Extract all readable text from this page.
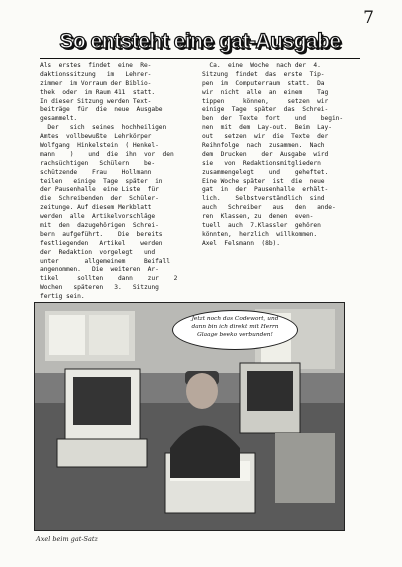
7
So entsteht eine gat-Ausgabe
Als  erstes  findet  eine  Re-
daktionssitzung   im   Lehrer-
zimmer  im Vorraum der Biblio-
thek  oder  im Raum 411  statt.
In dieser Sitzung werden Text-
beiträge  für  die  neue  Ausgabe
gesammelt.
Der   sich  seines  hochheiligen
Amtes  vollbewußte  Lehrkörper
Wolfgang  Hinkelstein  ( Henkel-
mann    )    und  die  ihn  vor  den
rachsüchtigen   Schülern    be-
schützende    Frau    Hollmann
teilen   einige  Tage  später  in
der Pausenhalle  eine Liste  für
die  Schreibenden  der  Schüler-
zeitunge. Auf diesem Merkblatt
werden  alle  Artikelvorschläge
mit  den  dazugehörigen  Schrei-
bern  aufgeführt.    Die  bereits
festliegenden   Artikel    werden
der  Redaktion  vorgelegt   und
unter       allgemeinem     Beifall
angenommen.   Die  weiteren  Ar-
tikel     sollten    dann    zur    2
Wochen   späteren   3.   Sitzung
fertig sein.
Ca.  eine  Woche  nach der  4.
Sitzung  findet  das  erste  Tip-
pen  im  Computerraum  statt.  Da
wir  nicht  alle  an  einem    Tag
tippen     können,     setzen  wir
einige  Tage  später  das  Schrei-
ben  der  Texte  fort    und    begin-
nen  mit  dem  Lay-out.  Beim  Lay-
out   setzen  wir  die  Texte  der
Reihnfolge  nach  zusammen.  Nach
dem  Drucken    der  Ausgabe  wird
sie   von  Redaktionsmitgliedern
zusammengelegt    und    geheftet.
Eine Woche später  ist  die  neue
gat  in  der  Pausenhalle  erhält-
lich.    Selbstverständlich  sind
auch   Schreiber   aus   den   ande-
ren  Klassen, zu  denen  even-
tuell  auch  7.Klassler  gehören
könnten,  herzlich  willkommen.
Axel  Felsmann  (8b).
Jetzt noch das Codewort, und
dann bin ich direkt mit Herrn
Glaage beeko verbunden!
Axel beim gat-Satz
